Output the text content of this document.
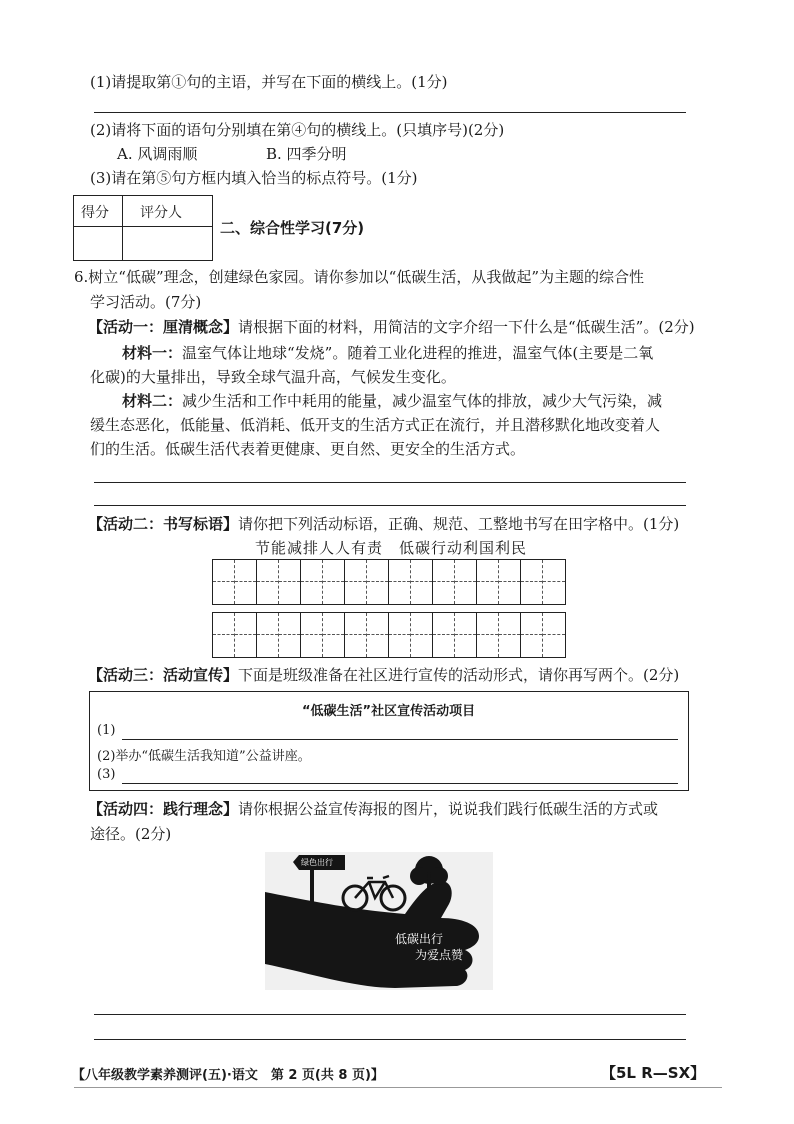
(1)请提取第①句的主语，并写在下面的横线上。(1分)
(2)请将下面的语句分别填在第④句的横线上。(只填序号)(2分)
A. 风调雨顺	B. 四季分明
(3)请在第⑤句方框内填入恰当的标点符号。(1分)
得分 评分人
二、综合性学习(7分)
6.树立“低碳”理念，创建绿色家园。请你参加以“低碳生活，从我做起”为主题的综合性
学习活动。(7分)
【活动一：厘清概念】请根据下面的材料，用简洁的文字介绍一下什么是“低碳生活”。(2分)
材料一：温室气体让地球“发烧”。随着工业化进程的推进，温室气体(主要是二氧
化碳)的大量排出，导致全球气温升高，气候发生变化。
材料二：减少生活和工作中耗用的能量，减少温室气体的排放，减少大气污染，减
缓生态恶化，低能量、低消耗、低开支的生活方式正在流行，并且潜移默化地改变着人
们的生活。低碳生活代表着更健康、更自然、更安全的生活方式。
【活动二：书写标语】请你把下列活动标语，正确、规范、工整地书写在田字格中。(1分)
节能减排人人有责　低碳行动利国利民
【活动三：活动宣传】下面是班级准备在社区进行宣传的活动形式，请你再写两个。(2分)
“低碳生活”社区宣传活动项目
(1)
(2)举办“低碳生活我知道”公益讲座。
(3)
【活动四：践行理念】请你根据公益宣传海报的图片，说说我们践行低碳生活的方式或
途径。(2分)
绿色出行
低碳出行
为爱点赞
【八年级教学素养测评(五)·语文　第 2 页(共 8 页)】	【5L R—SX】
